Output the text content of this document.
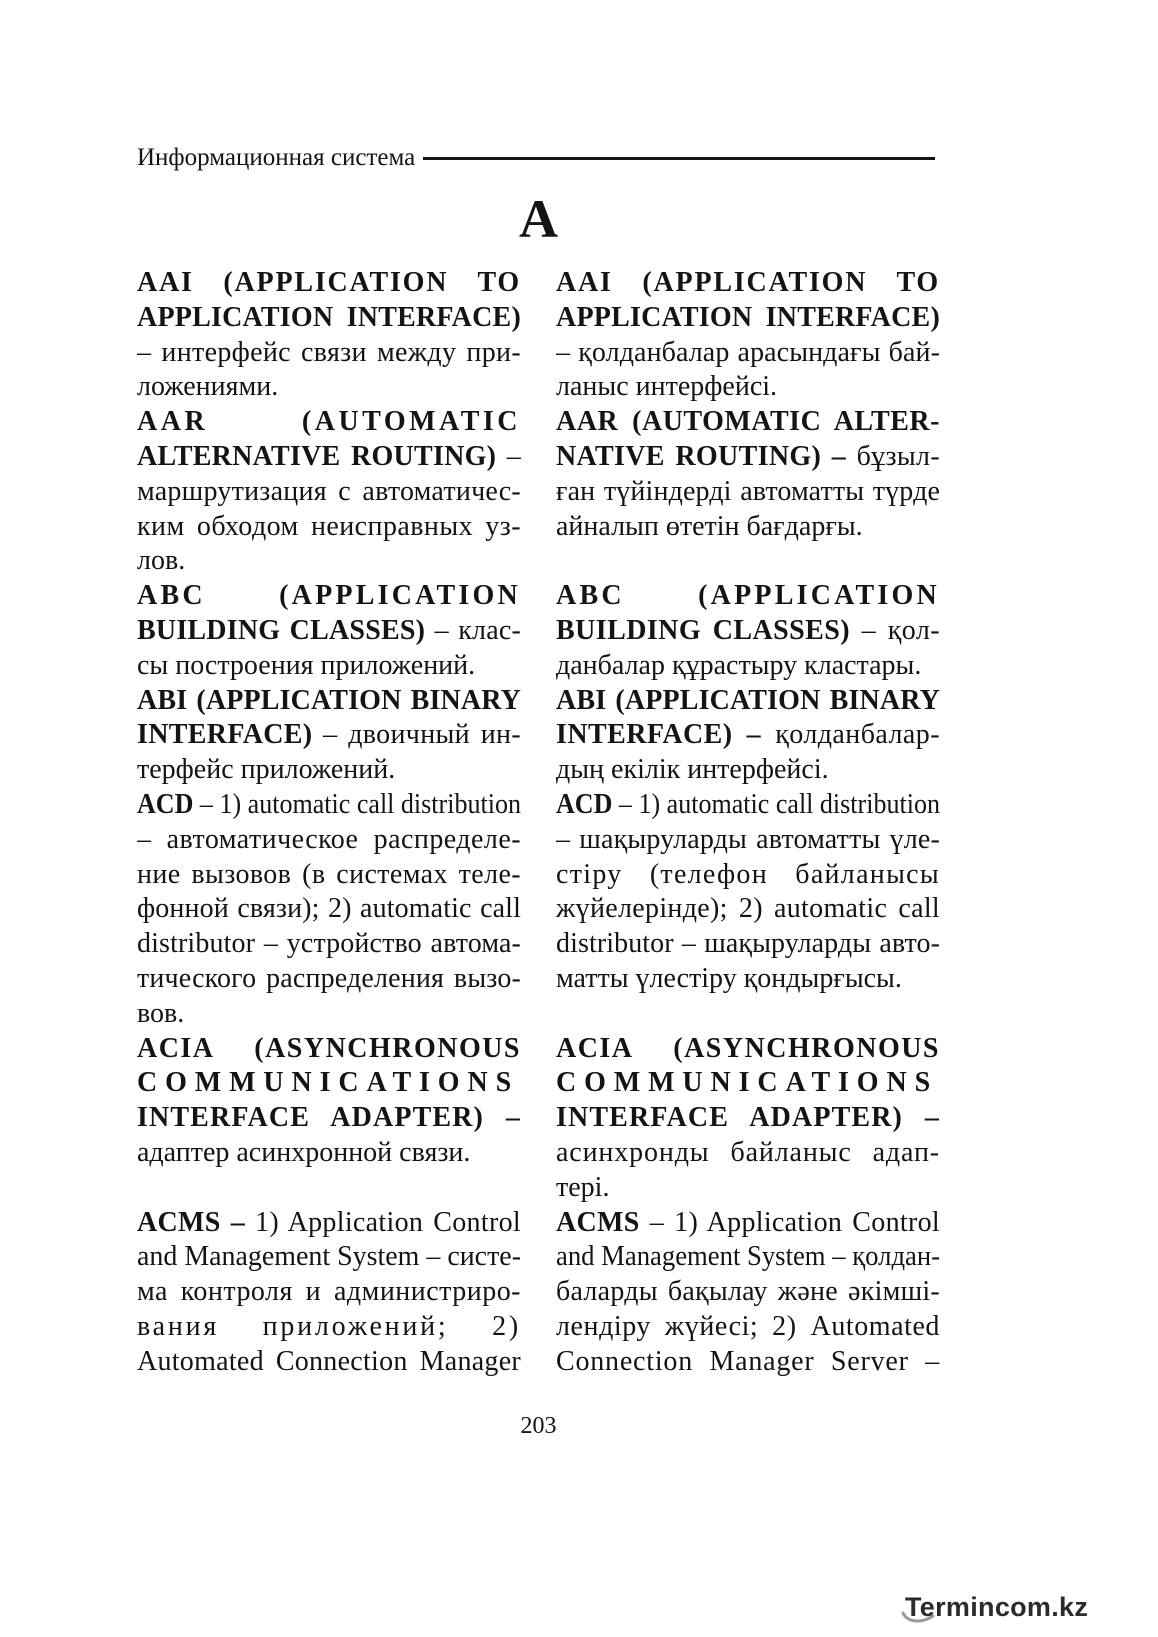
Информационная система
A
AAI (APPLICATION TO
APPLICATION INTERFACE)
– интерфейс связи между при-
ложениями.
AAI (APPLICATION TO
APPLICATION INTERFACE)
– қолданбалар арасындағы бай-
ланыс интерфейсі.
AAR (AUTOMATIC
ALTERNATIVE ROUTING) –
маршрутизация с автоматичес-
ким обходом неисправных уз-
лов.
AAR (AUTOMATIC ALTER-
NATIVE ROUTING) – бұзыл-
ған түйіндерді автоматты түрде
айналып өтетін бағдарғы.
ABC (APPLICATION
BUILDING CLASSES) – клас-
сы построения приложений.
ABC (APPLICATION
BUILDING CLASSES) – қол-
данбалар құрастыру кластары.
ABI (APPLICATION BINARY
INTERFACE) – двоичный ин-
терфейс приложений.
ABI (APPLICATION BINARY
INTERFACE) – қолданбалар-
дың екілік интерфейсі.
ACD – 1) automatic call distribution
– автоматическое распределе-
ние вызовов (в системах теле-
фонной связи); 2) automatic call
distributor – устройство автома-
тического распределения вызо-
вов.
ACD – 1) automatic call distribution
– шақыруларды автоматты үле-
стіру (телефон байланысы
жүйелерінде); 2) automatic call
distributor – шақыруларды авто-
матты үлестіру қондырғысы.
ACIA (ASYNCHRONOUS
COMMUNICATIONS
INTERFACE ADAPTER) –
адаптер асинхронной связи.
ACIA (ASYNCHRONOUS
COMMUNICATIONS
INTERFACE ADAPTER) –
асинхронды байланыс адап-
тері.
ACMS – 1) Application Control
and Management System – систе-
ма контроля и администриро-
вания приложений; 2)
Automated Connection Manager
ACMS – 1) Application Control
and Management System – қолдан-
баларды бақылау және әкімші-
лендіру жүйесі; 2) Automated
Connection Manager Server –
203
Termincom.kz
